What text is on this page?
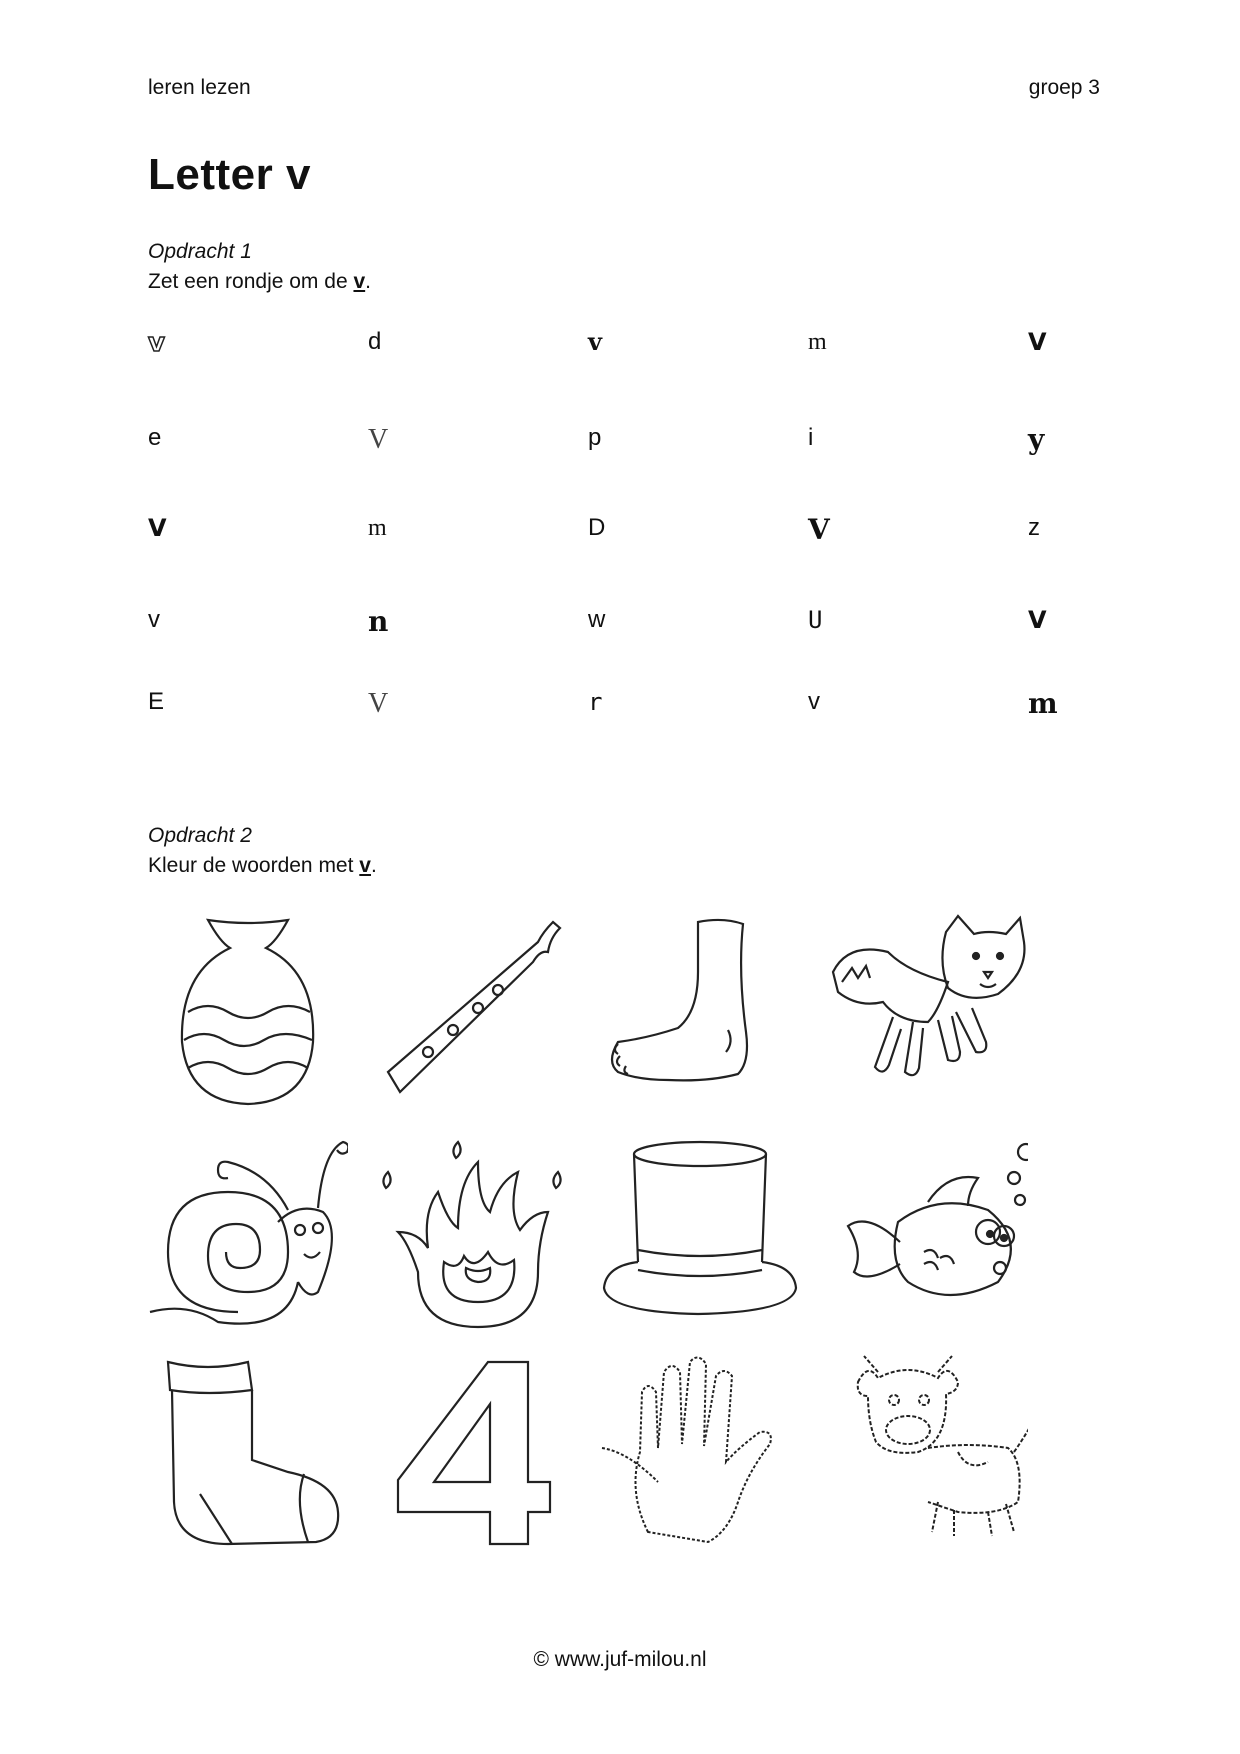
leren lezen	groep 3
Letter v
Opdracht 1
Zet een rondje om de v.
v	d	v	m	V
e	V	p	i	y
V	m	D	V	z
v	n	w	U	V
E	V	r	v	m
Opdracht 2
Kleur de woorden met v.
© www.juf-milou.nl
